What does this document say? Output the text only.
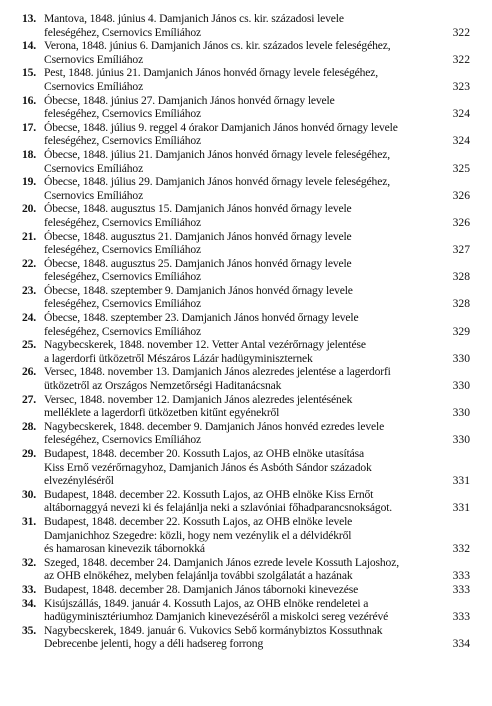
13. Mantova, 1848. június 4. Damjanich János cs. kir. századosi levele
feleségéhez, Csernovics Emíliához	322
14. Verona, 1848. június 6. Damjanich János cs. kir. százados levele feleségéhez,
Csernovics Emíliához	322
15. Pest, 1848. június 21. Damjanich János honvéd őrnagy levele feleségéhez,
Csernovics Emíliához	323
16. Óbecse, 1848. június 27. Damjanich János honvéd őrnagy levele
feleségéhez, Csernovics Emíliához	324
17. Óbecse, 1848. július 9. reggel 4 órakor Damjanich János honvéd őrnagy levele
feleségéhez, Csernovics Emíliához	324
18. Óbecse, 1848. július 21. Damjanich János honvéd őrnagy levele feleségéhez,
Csernovics Emíliához	325
19. Óbecse, 1848. július 29. Damjanich János honvéd őrnagy levele feleségéhez,
Csernovics Emíliához	326
20. Óbecse, 1848. augusztus 15. Damjanich János honvéd őrnagy levele
feleségéhez, Csernovics Emíliához	326
21. Óbecse, 1848. augusztus 21. Damjanich János honvéd őrnagy levele
feleségéhez, Csernovics Emíliához	327
22. Óbecse, 1848. augusztus 25. Damjanich János honvéd őrnagy levele
feleségéhez, Csernovics Emíliához	328
23. Óbecse, 1848. szeptember 9. Damjanich János honvéd őrnagy levele
feleségéhez, Csernovics Emíliához	328
24. Óbecse, 1848. szeptember 23. Damjanich János honvéd őrnagy levele
feleségéhez, Csernovics Emíliához	329
25. Nagybecskerek, 1848. november 12. Vetter Antal vezérőrnagy jelentése
a lagerdorfi ütközetről Mészáros Lázár hadügyminiszternek	330
26. Versec, 1848. november 13. Damjanich János alezredes jelentése a lagerdorfi
ütközetről az Országos Nemzetőrségi Haditanácsnak	330
27. Versec, 1848. november 12. Damjanich János alezredes jelentésének
melléklete a lagerdorfi ütközetben kitűnt egyénekről	330
28. Nagybecskerek, 1848. december 9. Damjanich János honvéd ezredes levele
feleségéhez, Csernovics Emíliához	330
29. Budapest, 1848. december 20. Kossuth Lajos, az OHB elnöke utasítása
Kiss Ernő vezérőrnagyhoz, Damjanich János és Asbóth Sándor századok
elvezényléséről	331
30. Budapest, 1848. december 22. Kossuth Lajos, az OHB elnöke Kiss Ernőt
altábornaggyá nevezi ki és felajánlja neki a szlavóniai főhadparancsnokságot.	331
31. Budapest, 1848. december 22. Kossuth Lajos, az OHB elnöke levele
Damjanichhoz Szegedre: közli, hogy nem vezénylik el a délvidékről
és hamarosan kinevezik tábornokká	332
32. Szeged, 1848. december 24. Damjanich János ezrede levele Kossuth Lajoshoz,
az OHB elnökéhez, melyben felajánlja további szolgálatát a hazának	333
33. Budapest, 1848. december 28. Damjanich János tábornoki kinevezése	333
34. Kisújszállás, 1849. január 4. Kossuth Lajos, az OHB elnöke rendeletei a
hadügyminisztériumhoz Damjanich kinevezéséről a miskolci sereg vezérévé	333
35. Nagybecskerek, 1849. január 6. Vukovics Sebő kormánybiztos Kossuthnak
Debrecenbe jelenti, hogy a déli hadsereg forrong	334
